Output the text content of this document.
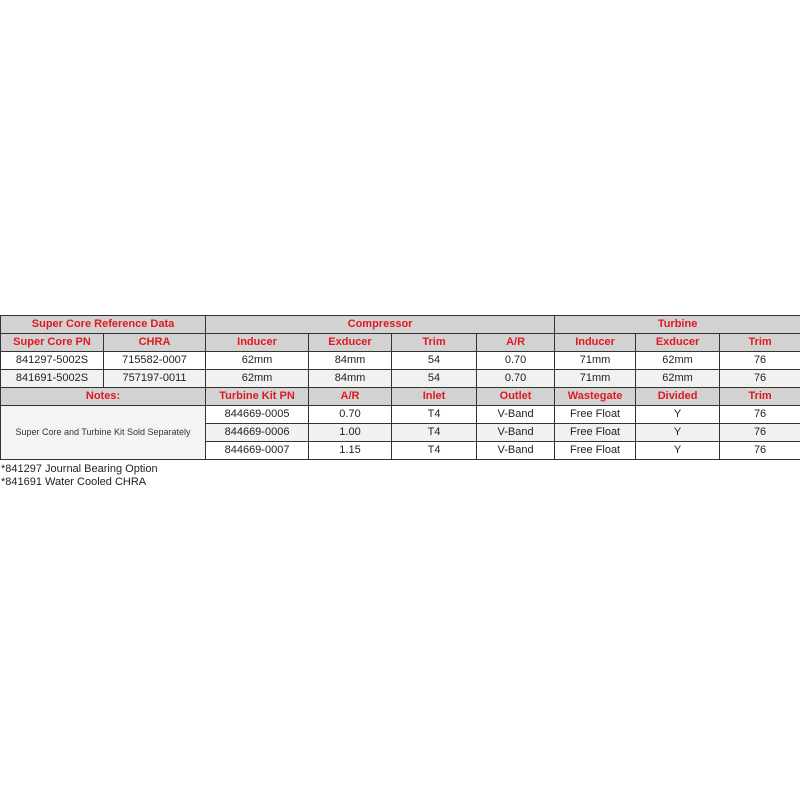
Super Core Reference Data		Compressor				Turbine		
Super Core PN	CHRA	Inducer	Exducer	Trim	A/R	Inducer	Exducer	Trim
841297-5002S	715582-0007	62mm	84mm	54	0.70	71mm	62mm	76
841691-5002S	757197-0011	62mm	84mm	54	0.70	71mm	62mm	76
Notes:		Turbine Kit PN	A/R	Inlet	Outlet	Wastegate	Divided	Trim
Super Core and Turbine Kit Sold Separately		844669-0005	0.70	T4	V-Band	Free Float	Y	76
		844669-0006	1.00	T4	V-Band	Free Float	Y	76
		844669-0007	1.15	T4	V-Band	Free Float	Y	76
*841297 Journal Bearing Option
*841691 Water Cooled CHRA
